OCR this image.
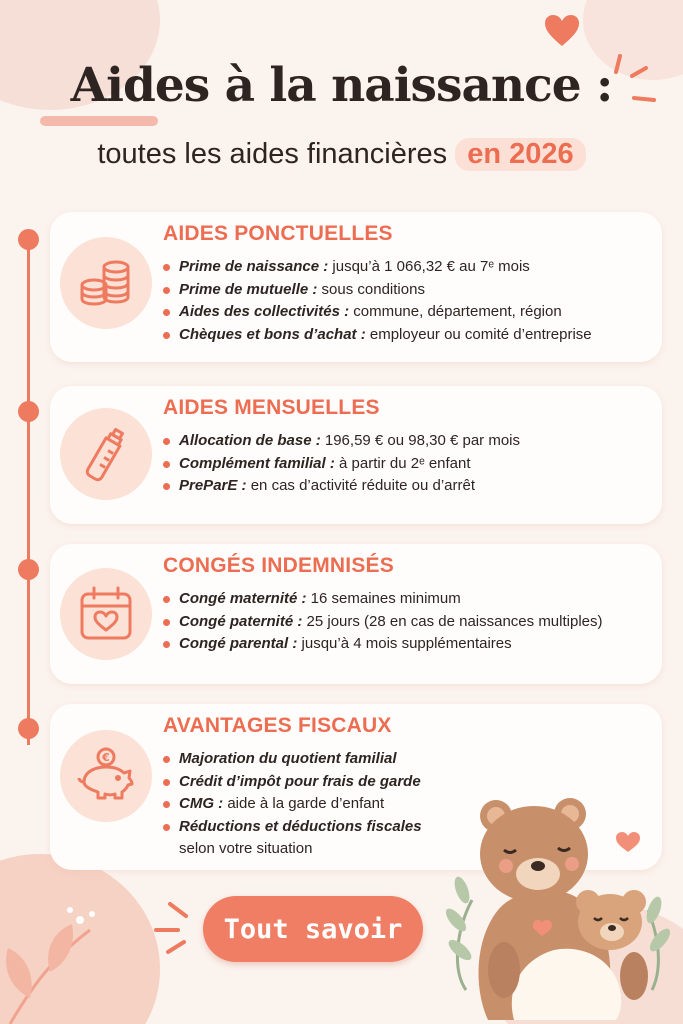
Aides à la naissance :
toutes les aides financières en 2026
AIDES PONCTUELLES
Prime de naissance : jusqu’à 1 066,32 € au 7ᵉ mois
Prime de mutuelle : sous conditions
Aides des collectivités : commune, département, région
Chèques et bons d’achat : employeur ou comité d’entreprise
AIDES MENSUELLES
Allocation de base : 196,59 € ou 98,30 € par mois
Complément familial : à partir du 2ᵉ enfant
PreParE : en cas d’activité réduite ou d’arrêt
CONGÉS INDEMNISÉS
Congé maternité : 16 semaines minimum
Congé paternité : 25 jours (28 en cas de naissances multiples)
Congé parental : jusqu’à 4 mois supplémentaires
€
AVANTAGES FISCAUX
Majoration du quotient familial
Crédit d’impôt pour frais de garde
CMG : aide à la garde d’enfant
Réductions et déductions fiscales
selon votre situation
Tout savoir
